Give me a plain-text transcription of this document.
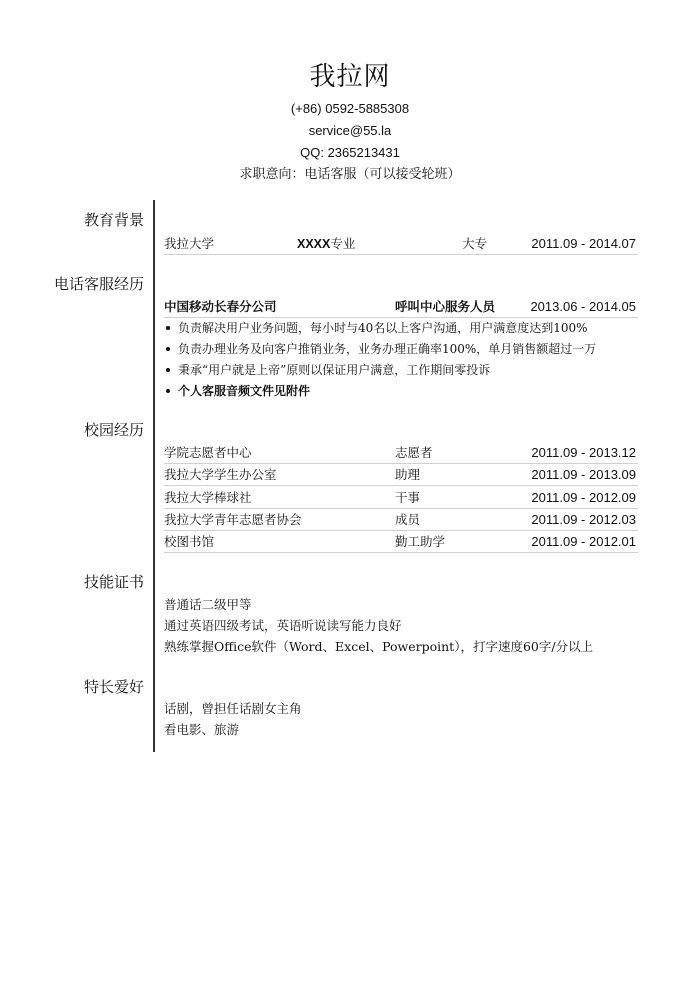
我拉网
(+86) 0592-5885308
service@55.la
QQ: 2365213431
求职意向：电话客服（可以接受轮班）
教育背景
我拉大学	XXXX专业	大专	2011.09 - 2014.07
电话客服经历
中国移动长春分公司	呼叫中心服务人员	2013.06 - 2014.05
负责解决用户业务问题，每小时与40名以上客户沟通，用户满意度达到100%
负责办理业务及向客户推销业务，业务办理正确率100%，单月销售额超过一万
秉承“用户就是上帝”原则以保证用户满意，工作期间零投诉
个人客服音频文件见附件
校园经历
学院志愿者中心	志愿者	2011.09 - 2013.12
我拉大学学生办公室	助理	2011.09 - 2013.09
我拉大学棒球社	干事	2011.09 - 2012.09
我拉大学青年志愿者协会	成员	2011.09 - 2012.03
校图书馆	勤工助学	2011.09 - 2012.01
技能证书
普通话二级甲等
通过英语四级考试，英语听说读写能力良好
熟练掌握Office软件（Word、Excel、Powerpoint），打字速度60字/分以上
特长爱好
话剧，曾担任话剧女主角
看电影、旅游
